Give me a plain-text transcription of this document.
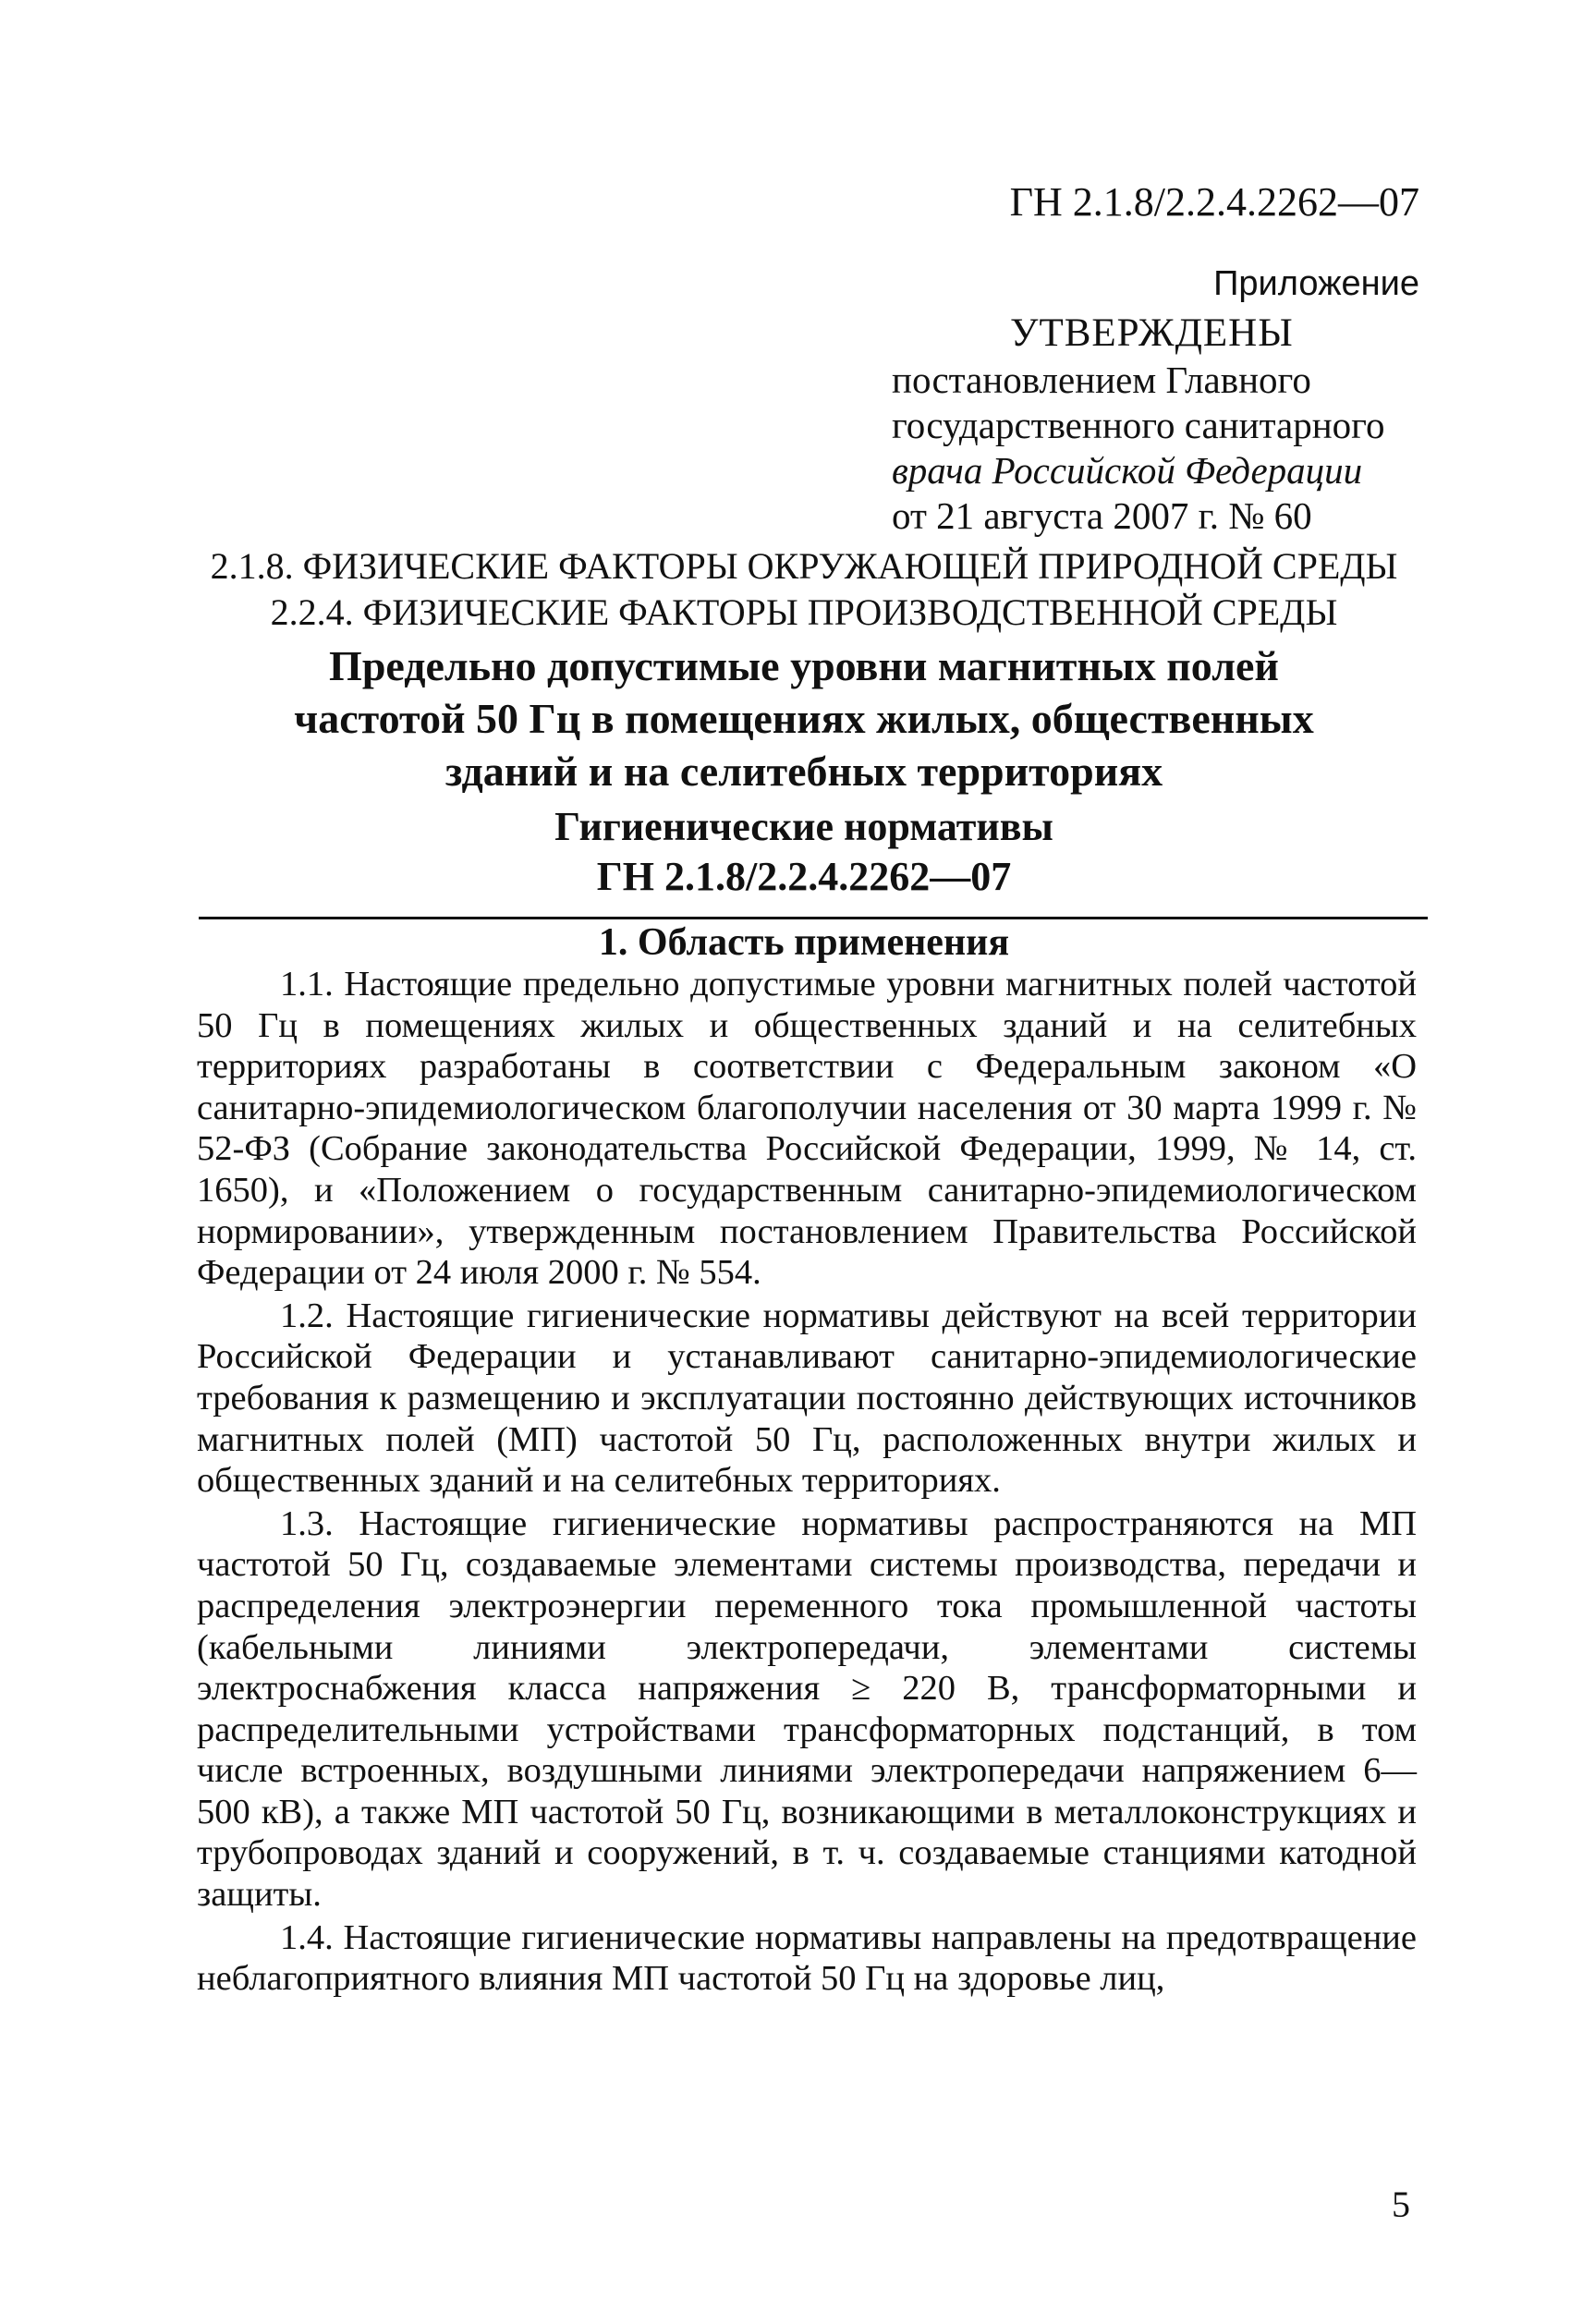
ГН 2.1.8/2.2.4.2262—07
Приложение
УТВЕРЖДЕНЫ
постановлением Главного
государственного санитарного
врача Российской Федерации
от 21 августа 2007 г. № 60
2.1.8. ФИЗИЧЕСКИЕ ФАКТОРЫ ОКРУЖАЮЩЕЙ ПРИРОДНОЙ СРЕДЫ
2.2.4. ФИЗИЧЕСКИЕ ФАКТОРЫ ПРОИЗВОДСТВЕННОЙ СРЕДЫ
Предельно допустимые уровни магнитных полей
частотой 50 Гц в помещениях жилых, общественных
зданий и на селитебных территориях
Гигиенические нормативы
ГН 2.1.8/2.2.4.2262—07
1. Область применения

1.1. Настоящие предельно допустимые уровни магнитных полей частотой 50 Гц в помещениях жилых и общественных зданий и на селитебных территориях разработаны в соответствии с Федеральным законом «О санитарно-эпидемиологическом благополучии населения от 30 марта 1999 г. № 52-ФЗ (Собрание законодательства Российской Федерации, 1999, № 14, ст. 1650), и «Положением о государственным санитарно-эпидемиологическом нормировании», утвержденным постановлением Правительства Российской Федерации от 24 июля 2000 г. № 554.

1.2. Настоящие гигиенические нормативы действуют на всей территории Российской Федерации и устанавливают санитарно-эпидемиологические требования к размещению и эксплуатации постоянно действующих источников магнитных полей (МП) частотой 50 Гц, расположенных внутри жилых и общественных зданий и на селитебных территориях.

1.3. Настоящие гигиенические нормативы распространяются на МП частотой 50 Гц, создаваемые элементами системы производства, передачи и распределения электроэнергии переменного тока промышленной частоты (кабельными линиями электропередачи, элементами системы электроснабжения класса напряжения ≥ 220 В, трансформаторными и распределительными устройствами трансформаторных подстанций, в том числе встроенных, воздушными линиями электропередачи напряжением 6—500 кВ), а также МП частотой 50 Гц, возникающими в металлоконструкциях и трубопроводах зданий и сооружений, в т. ч. создаваемые станциями катодной защиты.

1.4. Настоящие гигиенические нормативы направлены на предотвращение неблагоприятного влияния МП частотой 50 Гц на здоровье лиц,

5
